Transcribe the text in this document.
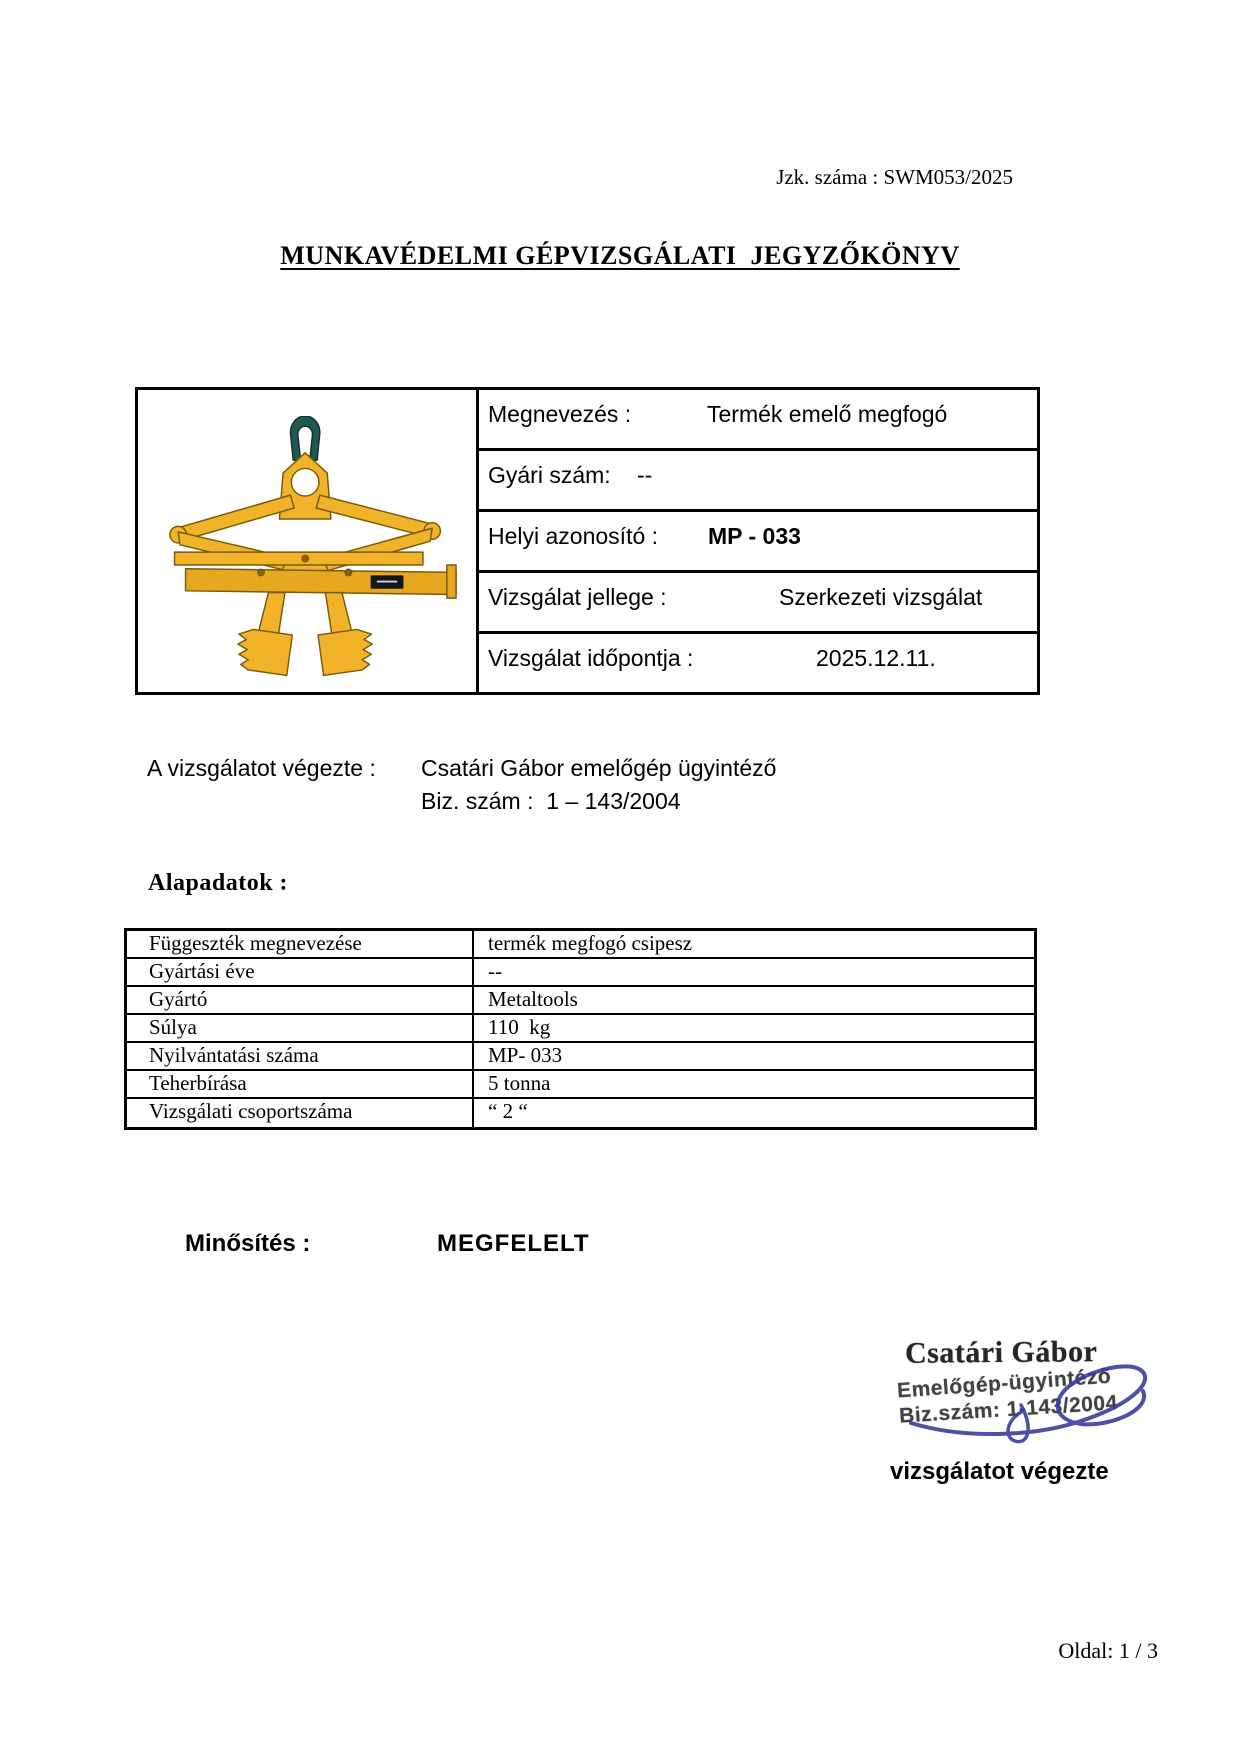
Jzk. száma : SWM053/2025
MUNKAVÉDELMI GÉPVIZSGÁLATI  JEGYZŐKÖNYV
Megnevezés :	Termék emelő megfogó
Gyári szám: --
Helyi azonosító : MP - 033
Vizsgálat jellege :	Szerkezeti vizsgálat
Vizsgálat időpontja :	2025.12.11.
A vizsgálatot végezte : Csatári Gábor emelőgép ügyintéző
Biz. szám :  1 – 143/2004
Alapadatok :
Függeszték megnevezése	termék megfogó csipesz
Gyártási éve	--
Gyártó	Metaltools
Súlya	110  kg
Nyilvántatási száma	MP- 033
Teherbírása	5 tonna
Vizsgálati csoportszáma	“ 2 “
Minősítés :	MEGFELELT
Csatári Gábor
Emelőgép-ügyintéző
Biz.szám: 1-143/2004
vizsgálatot végezte
Oldal: 1 / 3
